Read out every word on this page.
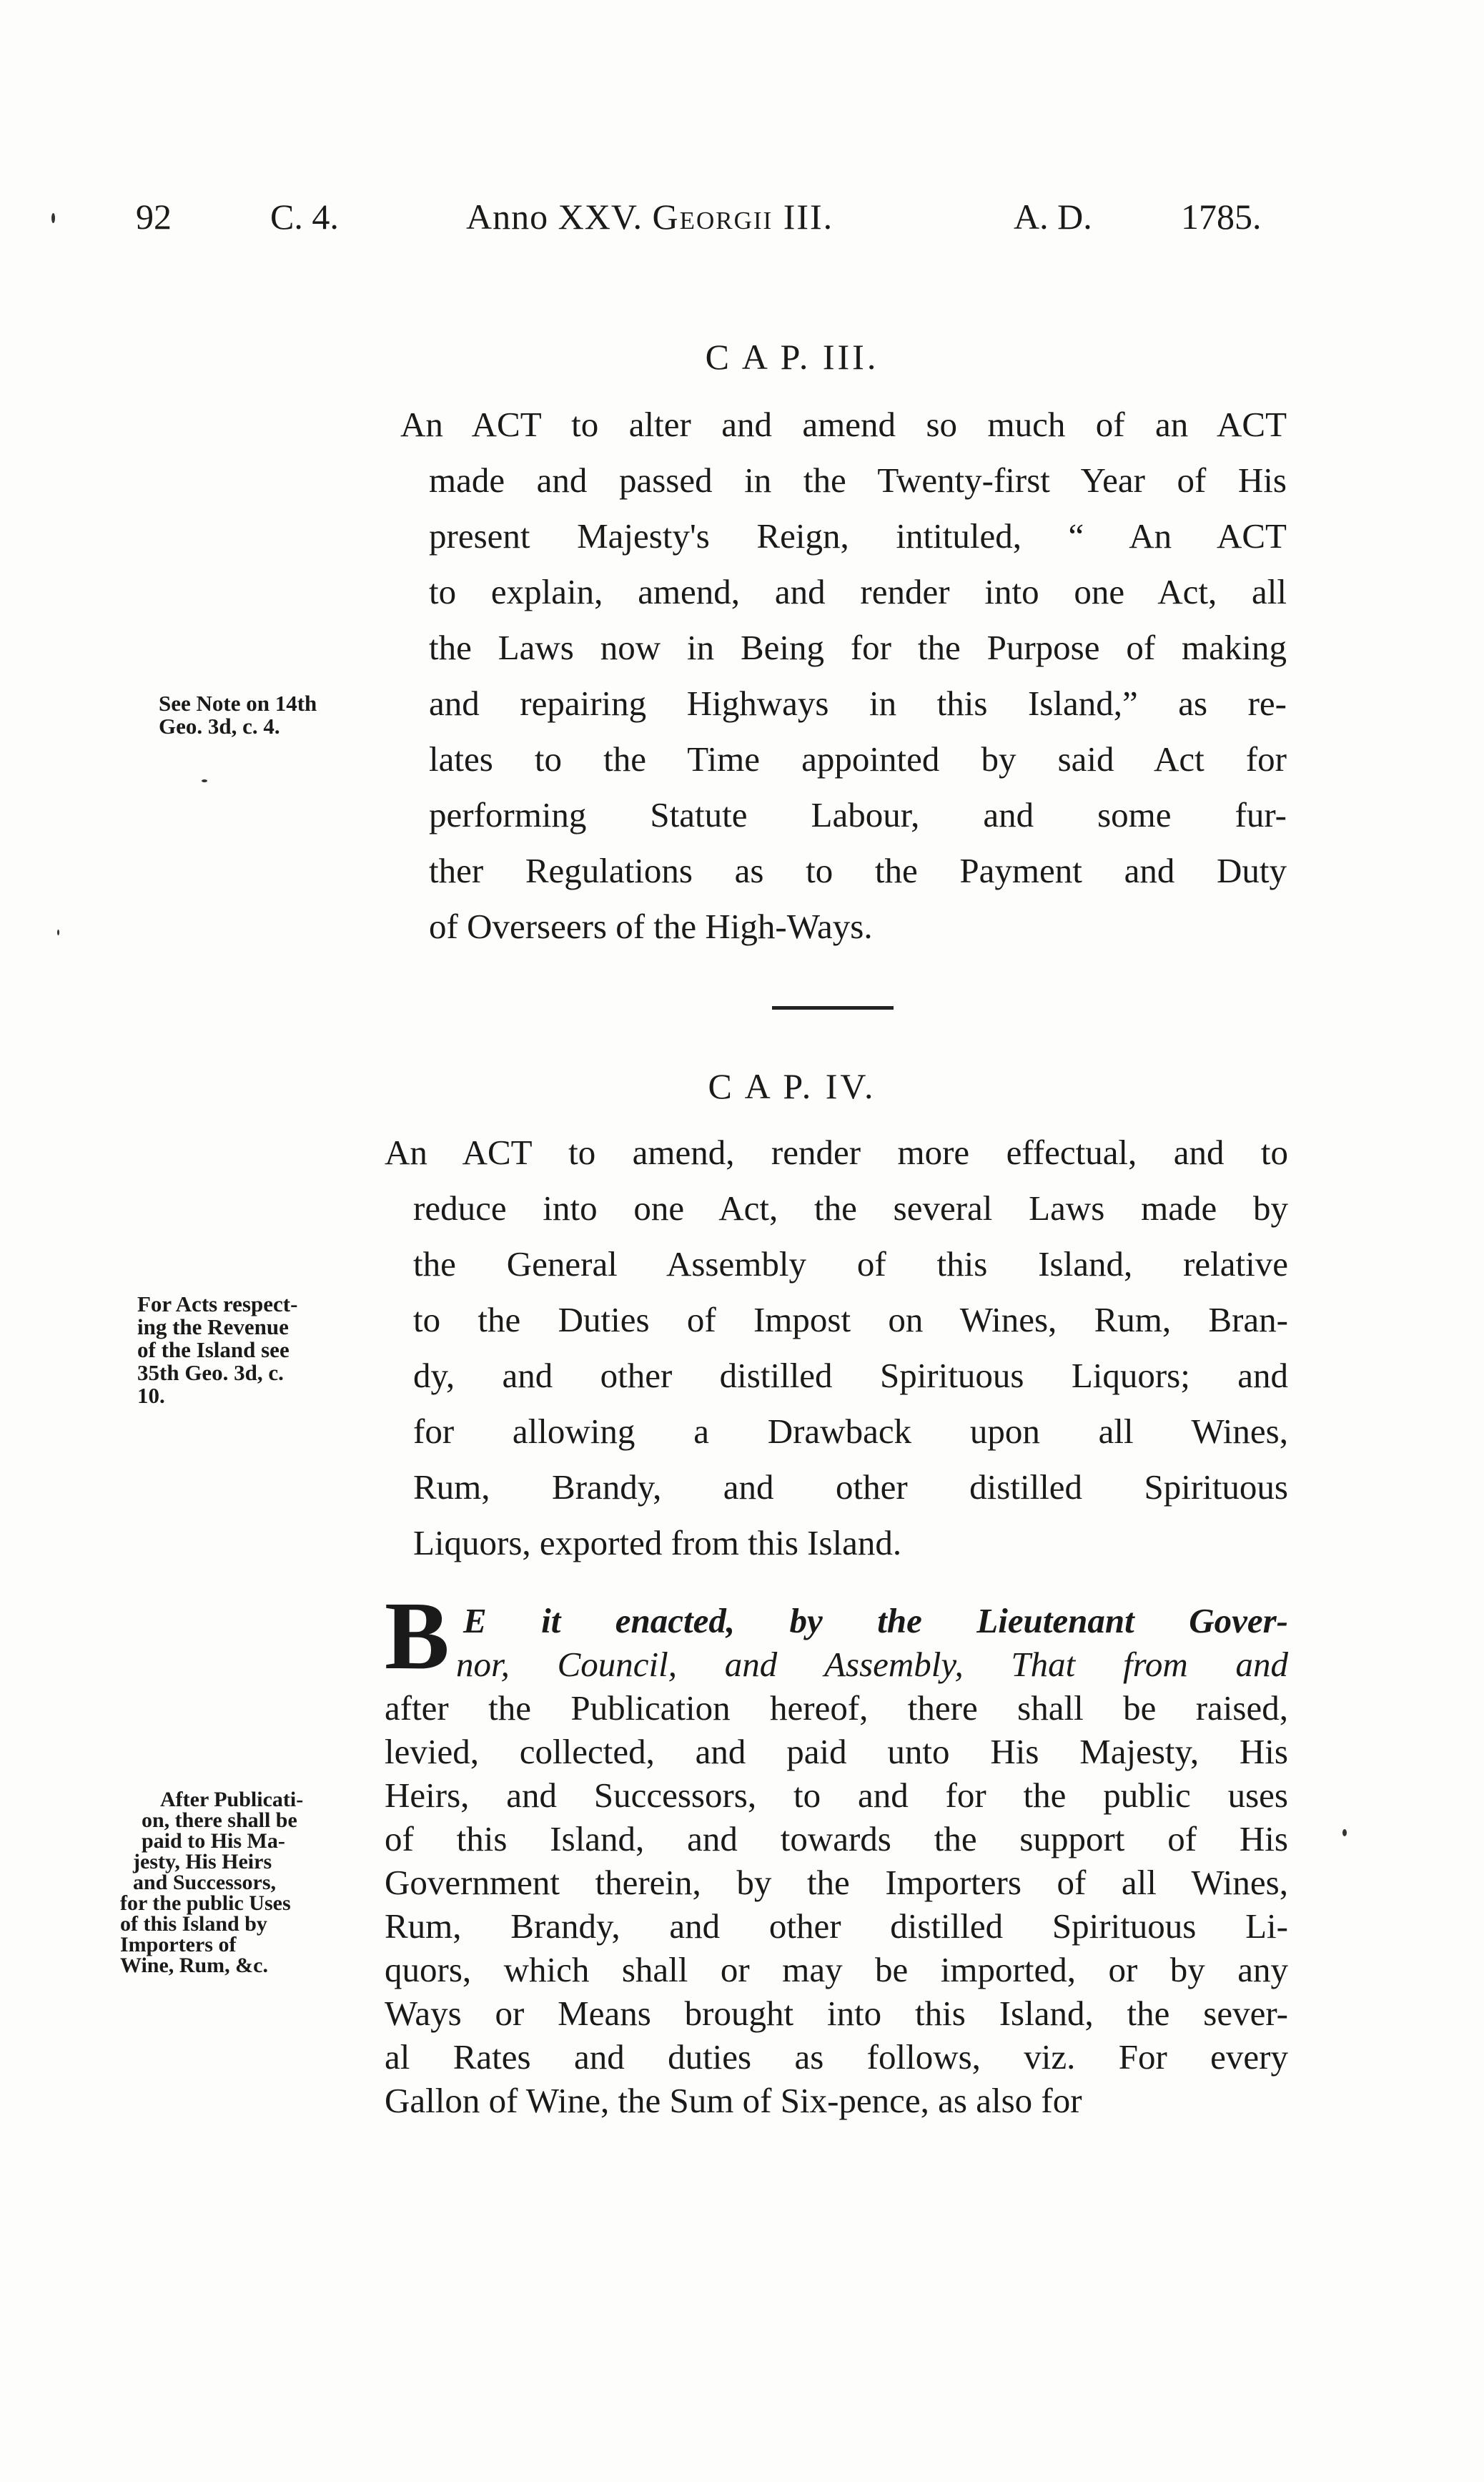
92	C. 4.	Anno XXV. Georgii III.	A. D. 1785.
C A P. III.
An ACT to alter and amend so much of an ACT
made and passed in the Twenty-first Year of His
present Majesty's Reign, intituled, “ An ACT
to explain, amend, and render into one Act, all
the Laws now in Being for the Purpose of making
and repairing Highways in this Island,” as re-
lates to the Time appointed by said Act for
performing Statute Labour, and some fur-
ther Regulations as to the Payment and Duty
of Overseers of the High-Ways.
See Note on 14th
Geo. 3d, c. 4.
C A P. IV.
An ACT to amend, render more effectual, and to
reduce into one Act, the several Laws made by
the General Assembly of this Island, relative
to the Duties of Impost on Wines, Rum, Bran-
dy, and other distilled Spirituous Liquors; and
for allowing a Drawback upon all Wines,
Rum, Brandy, and other distilled Spirituous
Liquors, exported from this Island.
For Acts respect-
ing the Revenue
of the Island see
35th Geo. 3d, c.
10.
B E it enacted, by the Lieutenant Gover-
nor, Council, and Assembly, That from and
after the Publication hereof, there shall be raised,
levied, collected, and paid unto His Majesty, His
Heirs, and Successors, to and for the public uses
of this Island, and towards the support of His
Government therein, by the Importers of all Wines,
Rum, Brandy, and other distilled Spirituous Li-
quors, which shall or may be imported, or by any
Ways or Means brought into this Island, the sever-
al Rates and duties as follows, viz. For every
Gallon of Wine, the Sum of Six-pence, as also for
After Publicati-
on, there shall be
paid to His Ma-
jesty, His Heirs
and Successors,
for the public Uses
of this Island by
Importers of
Wine, Rum, &c.
